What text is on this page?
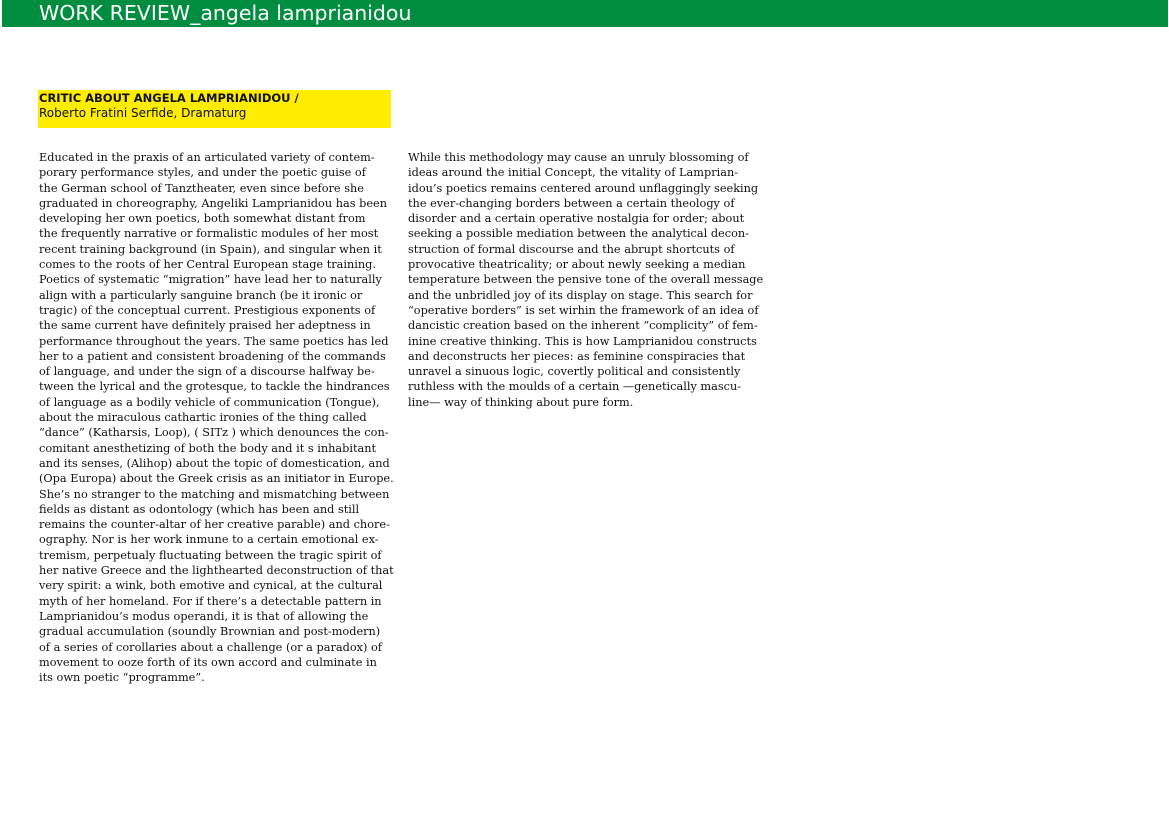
WORK REVIEW_angela lamprianidou
CRITIC ABOUT ANGELA LAMPRIANIDOU /
Roberto Fratini Serfide, Dramaturg
Educated in the praxis of an articulated variety of contem-
porary performance styles, and under the poetic guise of
the German school of Tanztheater, even since before she
graduated in choreography, Angeliki Lamprianidou has been
developing her own poetics, both somewhat distant from
the frequently narrative or formalistic modules of her most
recent training background (in Spain), and singular when it
comes to the roots of her Central European stage training.
Poetics of systematic “migration” have lead her to naturally
align with a particularly sanguine branch (be it ironic or
tragic) of the conceptual current. Prestigious exponents of
the same current have definitely praised her adeptness in
performance throughout the years. The same poetics has led
her to a patient and consistent broadening of the commands
of language, and under the sign of a discourse halfway be-
tween the lyrical and the grotesque, to tackle the hindrances
of language as a bodily vehicle of communication (Tongue),
about the miraculous cathartic ironies of the thing called
“dance” (Katharsis, Loop), ( SITz ) which denounces the con-
comitant anesthetizing of both the body and it s inhabitant
and its senses, (Alihop) about the topic of domestication, and
(Opa Europa) about the Greek crisis as an initiator in Europe.
She’s no stranger to the matching and mismatching between
fields as distant as odontology (which has been and still
remains the counter-altar of her creative parable) and chore-
ography. Nor is her work inmune to a certain emotional ex-
tremism, perpetualy fluctuating between the tragic spirit of
her native Greece and the lighthearted deconstruction of that
very spirit: a wink, both emotive and cynical, at the cultural
myth of her homeland. For if there’s a detectable pattern in
Lamprianidou’s modus operandi, it is that of allowing the
gradual accumulation (soundly Brownian and post-modern)
of a series of corollaries about a challenge (or a paradox) of
movement to ooze forth of its own accord and culminate in
its own poetic “programme”.
While this methodology may cause an unruly blossoming of
ideas around the initial Concept, the vitality of Lamprian-
idou’s poetics remains centered around unflaggingly seeking
the ever-changing borders between a certain theology of
disorder and a certain operative nostalgia for order; about
seeking a possible mediation between the analytical decon-
struction of formal discourse and the abrupt shortcuts of
provocative theatricality; or about newly seeking a median
temperature between the pensive tone of the overall message
and the unbridled joy of its display on stage. This search for
“operative borders” is set wirhin the framework of an idea of
dancistic creation based on the inherent “complicity” of fem-
inine creative thinking. This is how Lamprianidou constructs
and deconstructs her pieces: as feminine conspiracies that
unravel a sinuous logic, covertly political and consistently
ruthless with the moulds of a certain —genetically mascu-
line— way of thinking about pure form.
